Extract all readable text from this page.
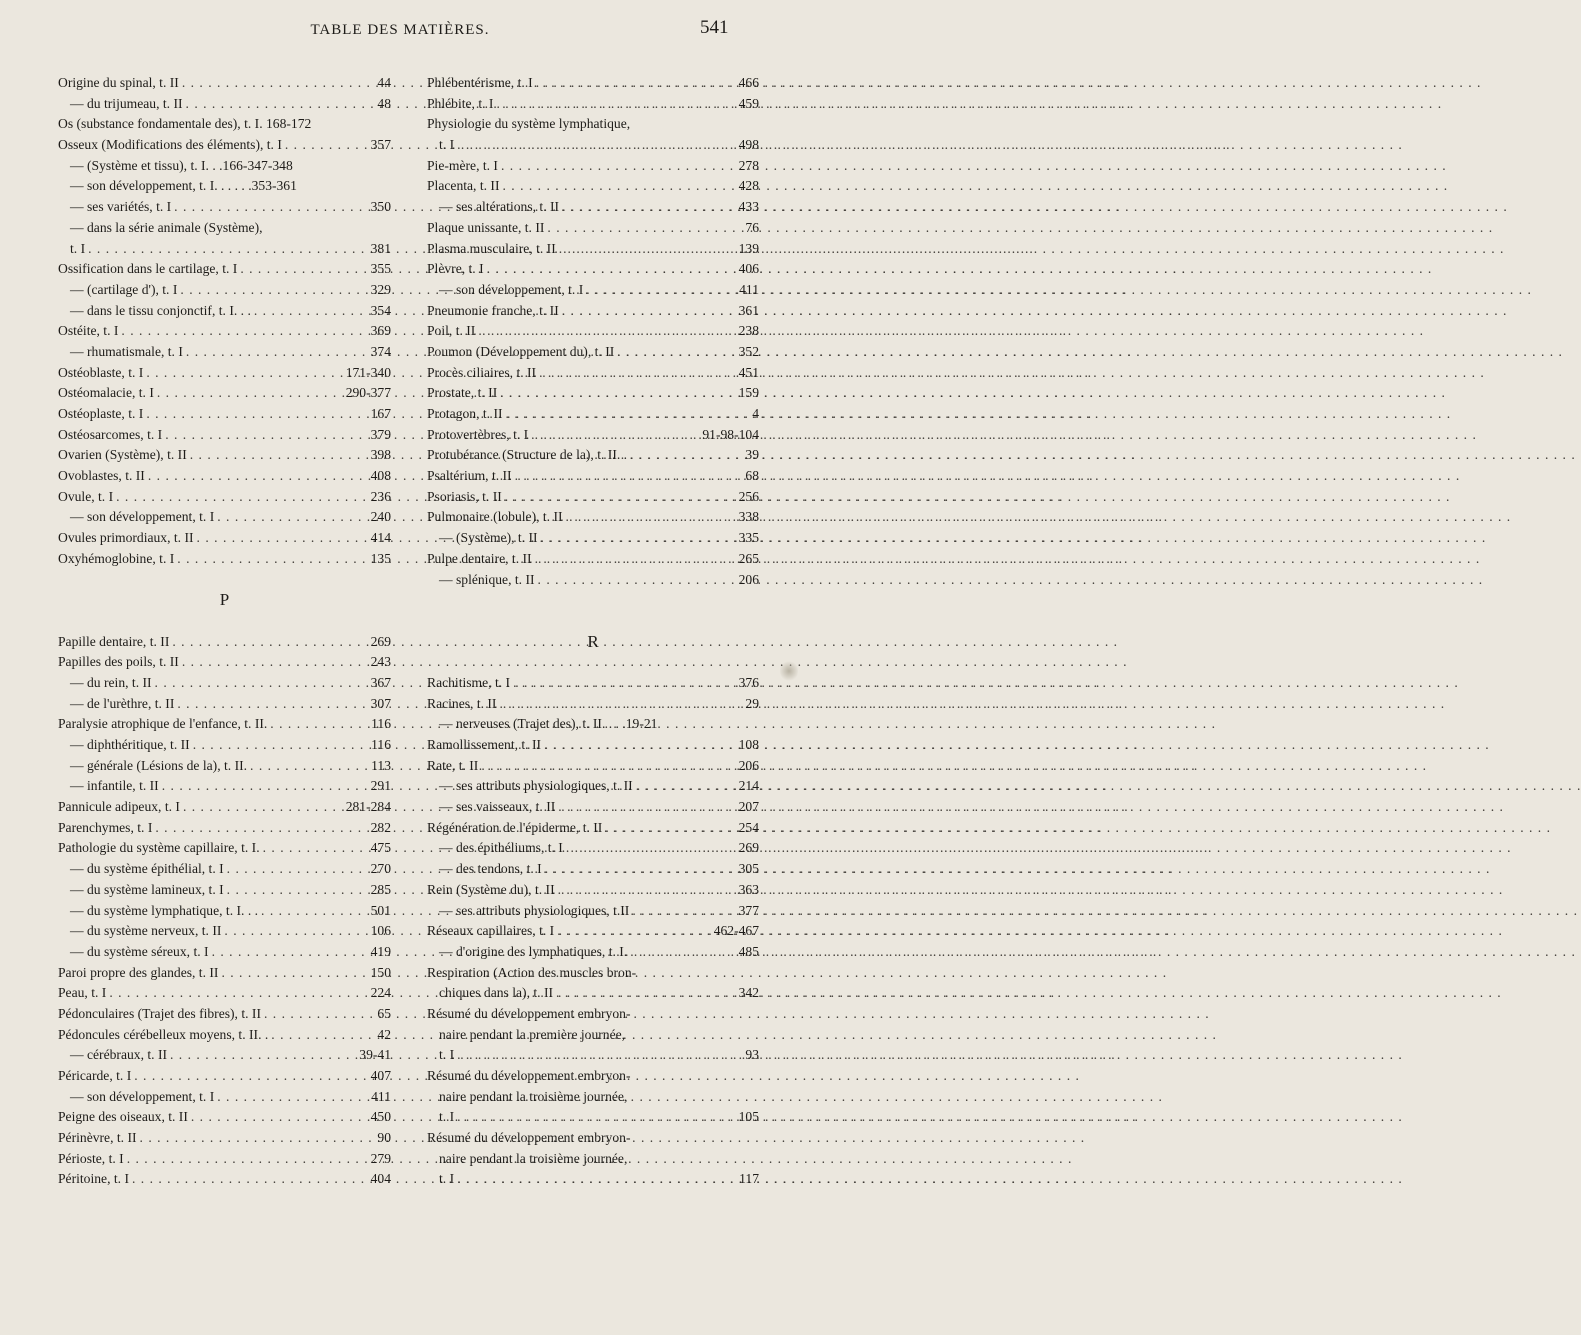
TABLE DES MATIÈRES.	541
Origine du spinal, t. II . . .	44
— du trijumeau, t. II . . .	48
Os (substance fondamentale des), t. I. 168-172
Osseux (Modifications des éléments), t. I . . .	357
— (Système et tissu), t. I. . .166-347-348
— son développement, t. I. . . . . .353-361
— ses variétés, t. I . . .	350
— dans la série animale (Système),
t. I . . .	381
Ossification dans le cartilage, t. I . . .	355
— (cartilage d'), t. I . . .	329
— dans le tissu conjonctif, t. I. . . . . .	354
Ostéite, t. I . . .	369
— rhumatismale, t. I . . .	374
Ostéoblaste, t. I . . .	171-340
Ostéomalacie, t. I . . .	290-377
Ostéoplaste, t. I . . .	167
Ostéosarcomes, t. I . . .	379
Ovarien (Système), t. II . . .	398
Ovoblastes, t. II . . .	408
Ovule, t. I . . .	236
— son développement, t. I . . .	240
Ovules primordiaux, t. II . . .	414
Oxyhémoglobine, t. I . . .	135
P
Papille dentaire, t. II . . .	269
Papilles des poils, t. II . . .	243
— du rein, t. II . . .	367
— de l'urèthre, t. II . . .	307
Paralysie atrophique de l'enfance, t. II. . . .	116
— diphthéritique, t. II . . .	116
— générale (Lésions de la), t. II. . . .	113
— infantile, t. II . . .	291
Pannicule adipeux, t. I . . .	281-284
Parenchymes, t. I . . .	282
Pathologie du système capillaire, t. I. . . .	475
— du système épithélial, t. I . . .	270
— du système lamineux, t. I . . .	285
— du système lymphatique, t. I. . . . . .	501
— du système nerveux, t. II . . .	106
— du système séreux, t. I . . .	419
Paroi propre des glandes, t. II . . .	150
Peau, t. I . . .	224
Pédonculaires (Trajet des fibres), t. II . . .	65
Pédoncules cérébelleux moyens, t. II. . . . .	42
— cérébraux, t. II . . .	39-41
Péricarde, t. I . . .	407
— son développement, t. I . . .	411
Peigne des oiseaux, t. II . . .	450
Périnèvre, t. II . . .	90
Périoste, t. I . . .	279
Péritoine, t. I . . .	404
Phlébentérisme, t. I . . .	466
Phlébite, t. I . . .	459
Physiologie du système lymphatique,
t. I . . .	498
Pie-mère, t. I . . .	278
Placenta, t. II . . .	428
— ses altérations, t. II . . .	433
Plaque unissante, t. II . . .	76
Plasma musculaire, t. II . . .	139
Plèvre, t. I . . .	406
— son développement, t. I . . .	411
Pneumonie franche, t. II . . .	361
Poil, t. II . . .	238
Poumon (Développement du), t. II . . .	352
Procès ciliaires, t. II . . .	451
Prostate, t. II . . .	159
Protagon, t. II . . .	4
Protovertèbres, t. I . . .	91-98-104
Protubérance (Structure de la), t. II. . . . .	39
Psaltérium, t. II . . .	68
Psoriasis, t. II . . .	256
Pulmonaire (lobule), t. II . . .	338
— (Système), t. II . . .	335
Pulpe dentaire, t. II . . .	265
— splénique, t. II . . .	206
R
Rachitisme, t. I . . .	376
Racines, t. II . . .	29
— nerveuses (Trajet des), t. II. . . .19-21
Ramollissement, t. II . . .	108
Rate, t. II . . .	206
— ses attributs physiologiques, t. II . . .	214
— ses vaisseaux, t. II . . .	207
Régénération de l'épiderme, t. II . . .	254
— des épithéliums, t. I . . .	269
— des tendons, t. I . . .	305
Rein (Système du), t. II . . .	363
— ses attributs physiologiques, t.II . . .	377
Réseaux capillaires, t. I . . .	462-467
— d'origine des lymphatiques, t. I. . . .	485
Respiration (Action des muscles bron-
chiques dans la), t. II . . .	342
Résumé du développement embryon-
naire pendant la première journée,
t. I . . .	93
Résumé du développement embryon-
naire pendant la troisième journée,
t. I . . .	105
Résumé du développement embryon-
naire pendant la troisième journée,
t. I . . .	117
